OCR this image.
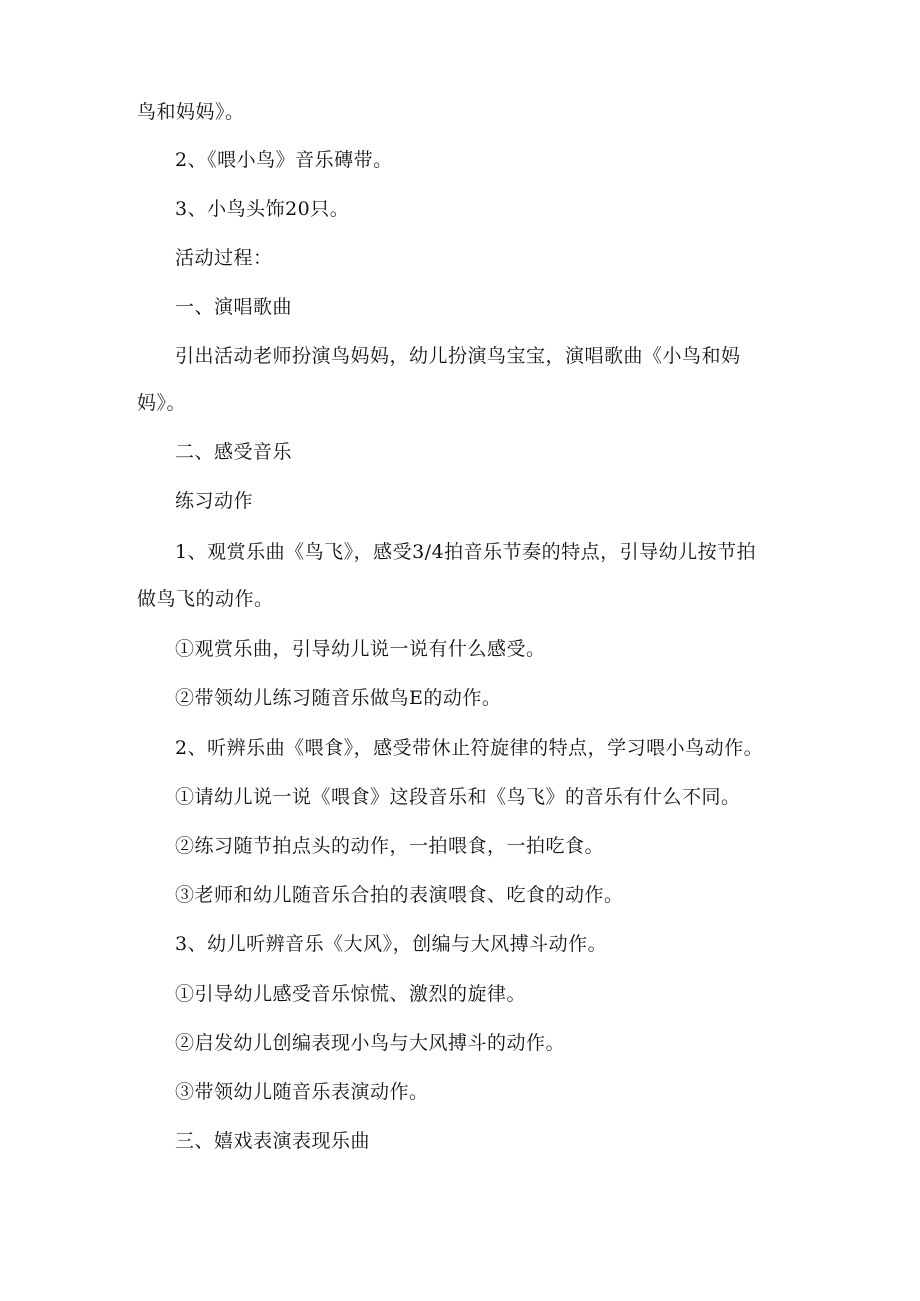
鸟和妈妈》。
2、《喂小鸟》音乐磚带。
3、小鸟头饰20只。
活动过程：
一、演唱歌曲
引出活动老师扮演鸟妈妈，幼儿扮演鸟宝宝，演唱歌曲《小鸟和妈
妈》。
二、感受音乐
练习动作
1、观赏乐曲《鸟飞》，感受3/4拍音乐节奏的特点，引导幼儿按节拍
做鸟飞的动作。
①观赏乐曲，引导幼儿说一说有什么感受。
②带领幼儿练习随音乐做鸟E的动作。
2、听辨乐曲《喂食》，感受带休止符旋律的特点，学习喂小鸟动作。
①请幼儿说一说《喂食》这段音乐和《鸟飞》的音乐有什么不同。
②练习随节拍点头的动作，一拍喂食，一拍吃食。
③老师和幼儿随音乐合拍的表演喂食、吃食的动作。
3、幼儿听辨音乐《大风》，创编与大风搏斗动作。
①引导幼儿感受音乐惊慌、激烈的旋律。
②启发幼儿创编表现小鸟与大风搏斗的动作。
③带领幼儿随音乐表演动作。
三、嬉戏表演表现乐曲
